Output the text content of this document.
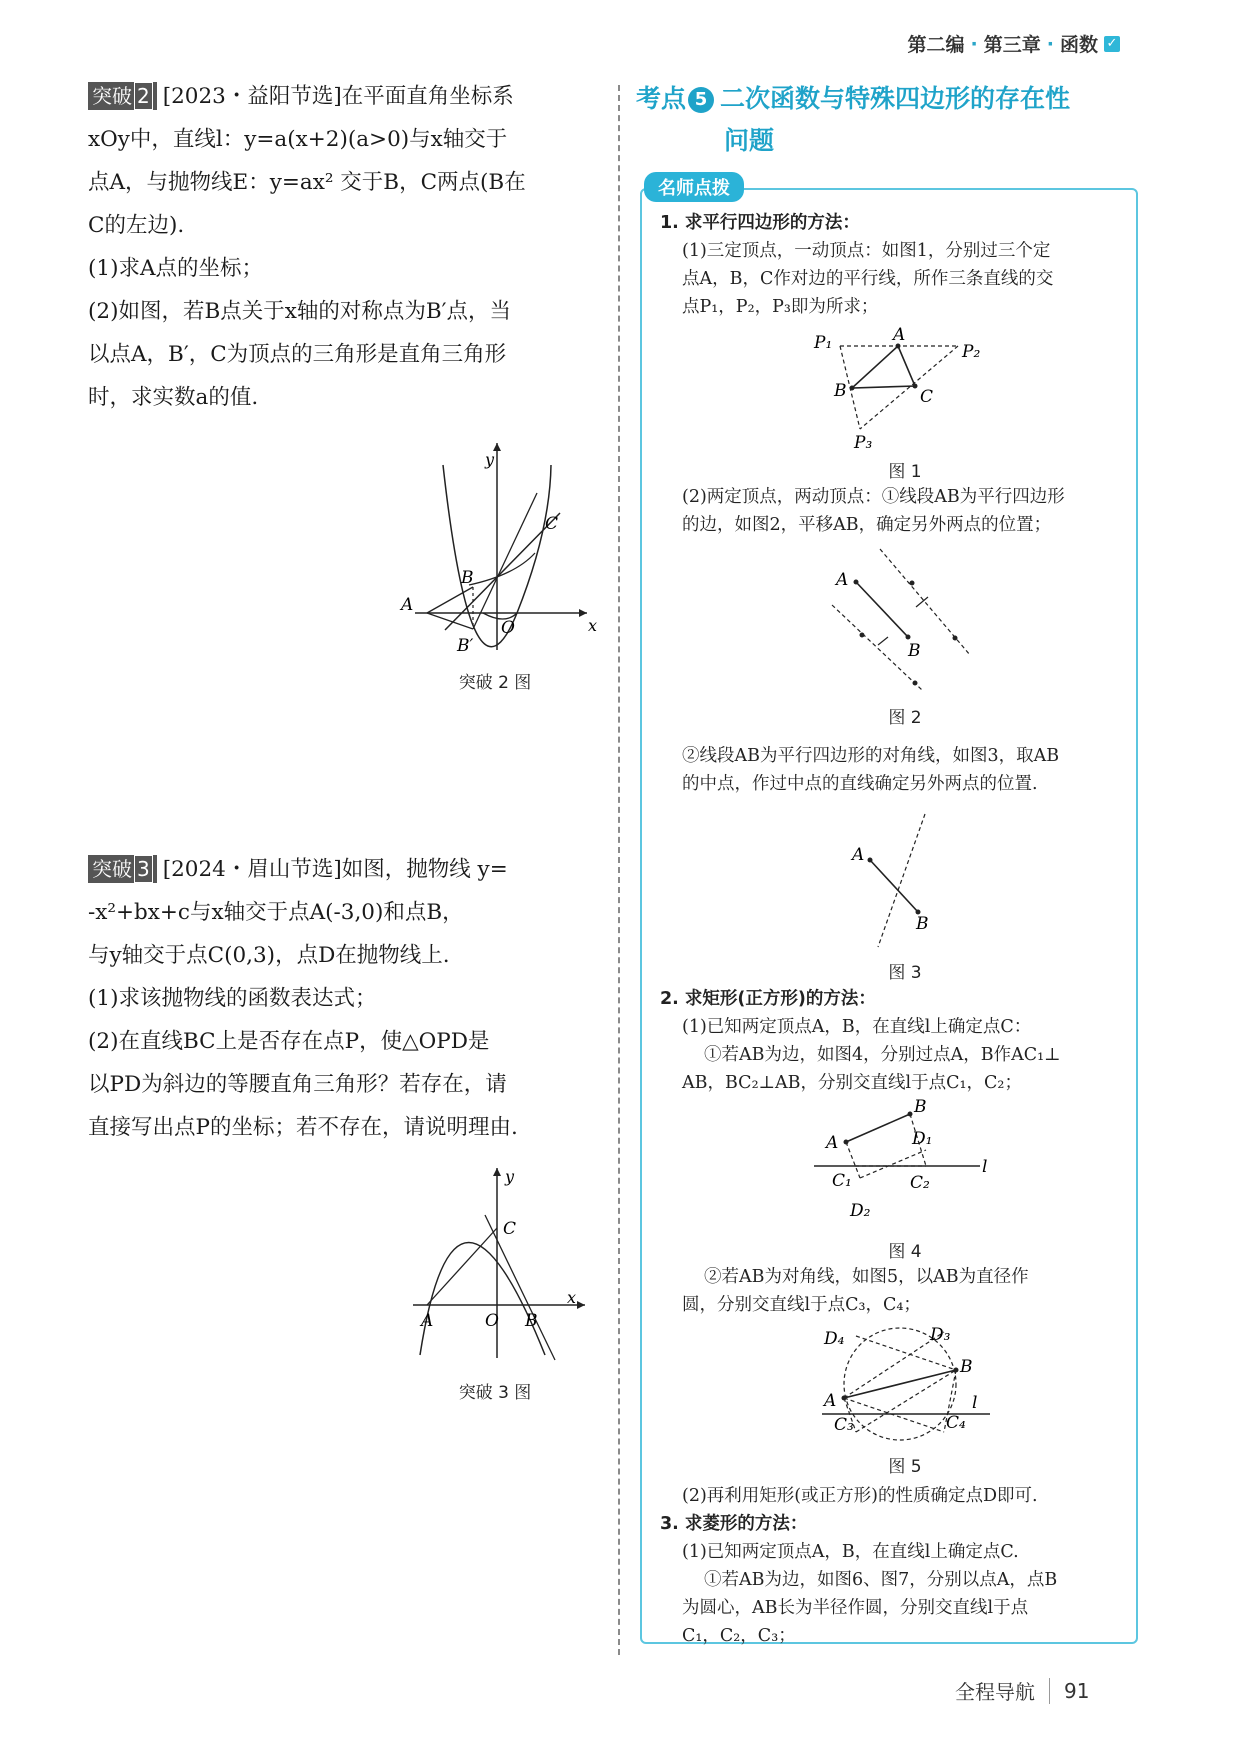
第二编 · 第三章 · 函数 ✓
突破 2 [2023・益阳节选]在平面直角坐标系
xOy中，直线l：y=a(x+2)(a>0)与x轴交于
点A，与抛物线E：y=ax² 交于B，C两点(B在
C的左边).
(1)求A点的坐标；
(2)如图，若B点关于x轴的对称点为B′点，当
以点A，B′，C为顶点的三角形是直角三角形
时，求实数a的值.
y
x
A
B
C
O
B′
突破 2 图
突破 3 [2024・眉山节选]如图，抛物线 y=
-x²+bx+c与x轴交于点A(-3,0)和点B，
与y轴交于点C(0,3)，点D在抛物线上.
(1)求该抛物线的函数表达式；
(2)在直线BC上是否存在点P，使△OPD是
以PD为斜边的等腰直角三角形？若存在，请
直接写出点P的坐标；若不存在，请说明理由.
y
x
A	B
C
O
突破 3 图
考点 5 二次函数与特殊四边形的存在性
问题
名师点拨
1. 求平行四边形的方法：
(1)三定顶点，一动顶点：如图1，分别过三个定
点A，B，C作对边的平行线，所作三条直线的交
点P₁，P₂，P₃即为所求；
P₁	P₂
P₃
A
B	C
图 1
(2)两定顶点，两动顶点：①线段AB为平行四边形
的边，如图2，平移AB，确定另外两点的位置；
A
B
图 2
②线段AB为平行四边形的对角线，如图3，取AB
的中点，作过中点的直线确定另外两点的位置.
A
B
图 3
2. 求矩形(正方形)的方法：
(1)已知两定顶点A，B，在直线l上确定点C：
①若AB为边，如图4，分别过点A，B作AC₁⊥
AB，BC₂⊥AB，分别交直线l于点C₁，C₂；
A
B
D₁
C₁	C₂
D₂
l
图 4
②若AB为对角线，如图5，以AB为直径作
圆，分别交直线l于点C₃，C₄；
A
B
D₄	D₃
C₃	C₄
l
图 5
(2)再利用矩形(或正方形)的性质确定点D即可.
3. 求菱形的方法：
(1)已知两定顶点A，B，在直线l上确定点C.
①若AB为边，如图6、图7，分别以点A，点B
为圆心，AB长为半径作圆，分别交直线l于点
C₁，C₂，C₃；
全程导航 91
